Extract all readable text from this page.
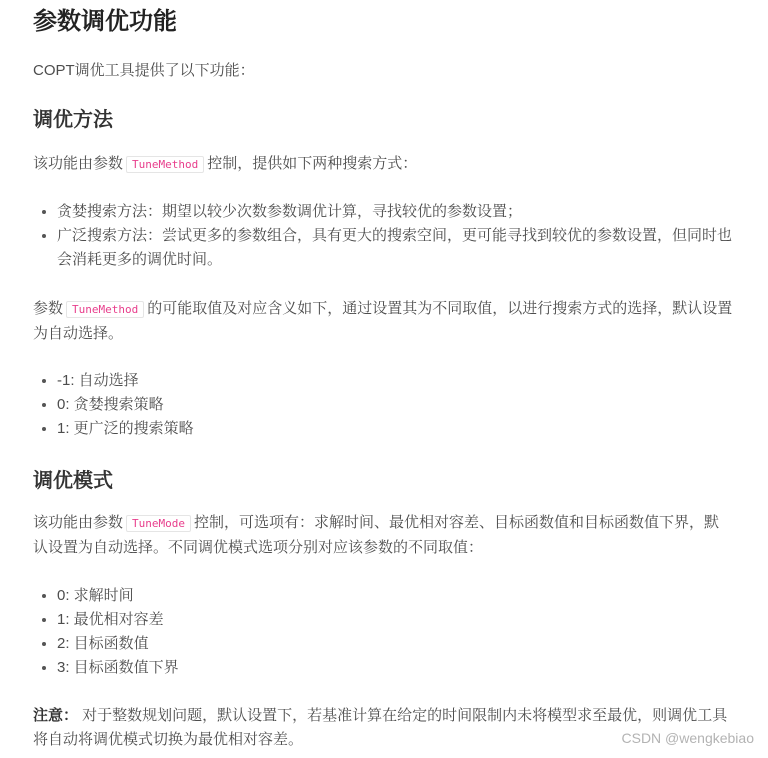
参数调优功能
COPT调优工具提供了以下功能：
调优方法
该功能由参数 TuneMethod 控制，提供如下两种搜索方式：
• 贪婪搜索方法：期望以较少次数参数调优计算，寻找较优的参数设置；
• 广泛搜索方法：尝试更多的参数组合，具有更大的搜索空间，更可能寻找到较优的参数设置，但同时也会消耗更多的调优时间。
参数 TuneMethod 的可能取值及对应含义如下，通过设置其为不同取值，以进行搜索方式的选择，默认设置为自动选择。
• -1: 自动选择
• 0: 贪婪搜索策略
• 1: 更广泛的搜索策略
调优模式
该功能由参数 TuneMode 控制，可选项有：求解时间、最优相对容差、目标函数值和目标函数值下界，默认设置为自动选择。不同调优模式选项分别对应该参数的不同取值：
• 0: 求解时间
• 1: 最优相对容差
• 2: 目标函数值
• 3: 目标函数值下界
注意： 对于整数规划问题，默认设置下，若基准计算在给定的时间限制内未将模型求至最优，则调优工具将自动将调优模式切换为最优相对容差。	CSDN @wengkebiao
